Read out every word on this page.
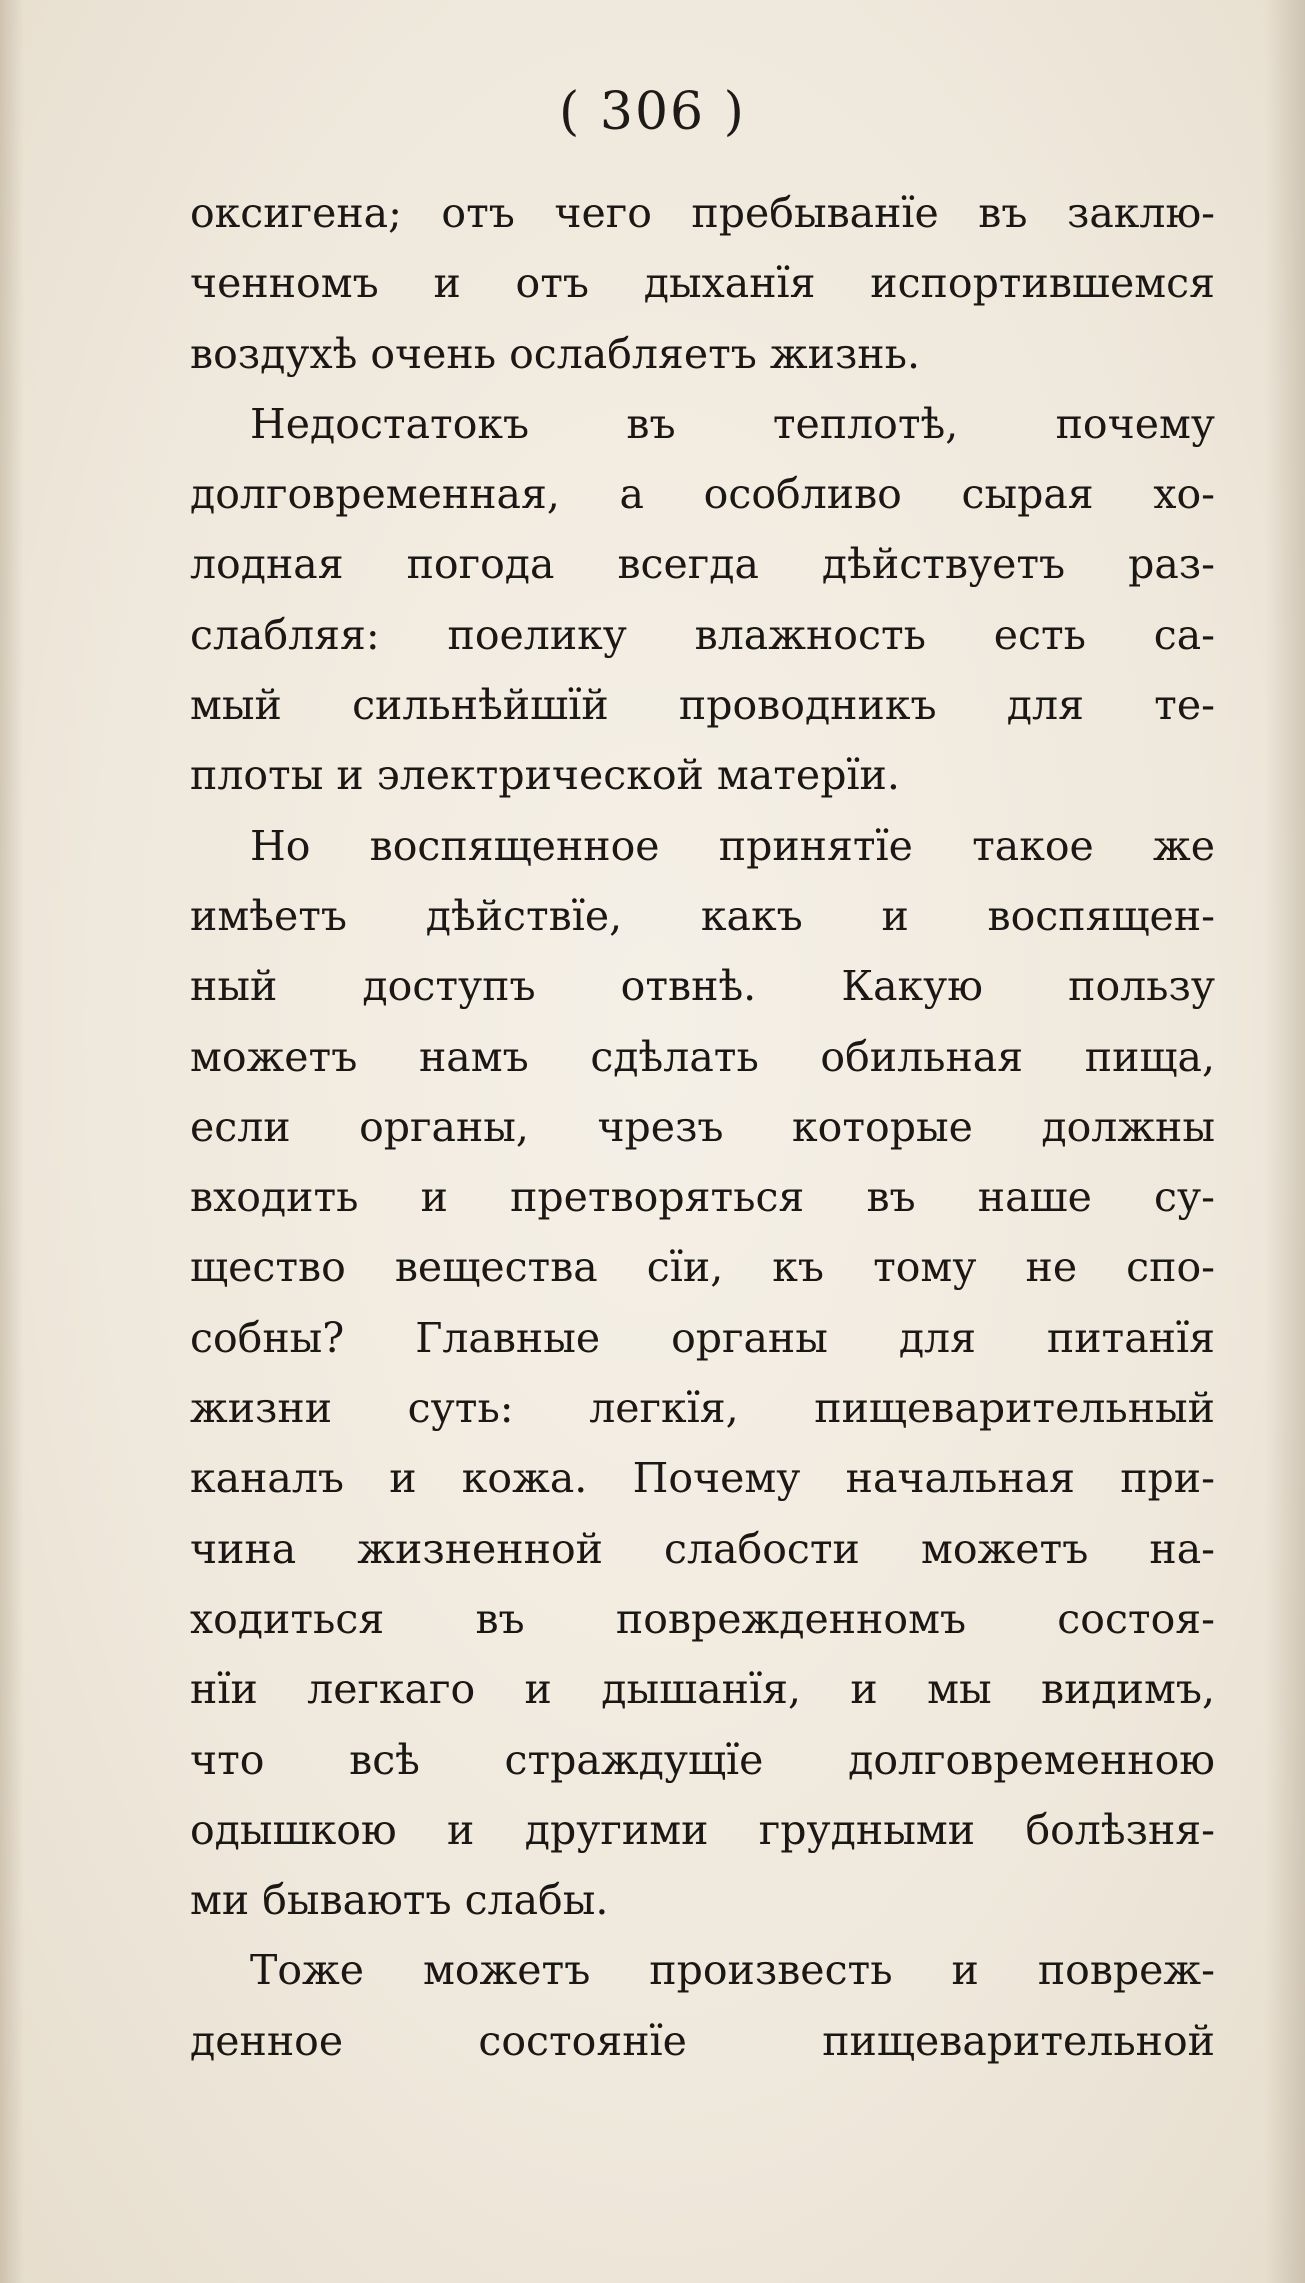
( 306 )
оксигена; отъ чего пребыванїе въ заклю-
ченномъ и отъ дыханїя испортившемся
воздухѣ очень ослабляетъ жизнь.
Недостатокъ въ теплотѣ, почему
долговременная, а особливо сырая хо-
лодная погода всегда дѣйствуетъ раз-
слабляя: поелику влажность есть са-
мый сильнѣйшїй проводникъ для те-
плоты и электрической матерїи.
Но воспященное принятїе такое же
имѣетъ дѣйствїе, какъ и воспящен-
ный доступъ отвнѣ. Какую пользу
можетъ намъ сдѣлать обильная пища,
если органы, чрезъ которые должны
входить и претворяться въ наше су-
щество вещества сїи, къ тому не спо-
собны? Главные органы для питанїя
жизни суть: легкїя, пищеварительный
каналъ и кожа. Почему начальная при-
чина жизненной слабости можетъ на-
ходиться въ поврежденномъ состоя-
нїи легкаго и дышанїя, и мы видимъ,
что всѣ страждущїе долговременною
одышкою и другими грудными болѣзня-
ми бываютъ слабы.
Тоже можетъ произвесть и повреж-
денное состоянїе пищеварительной
